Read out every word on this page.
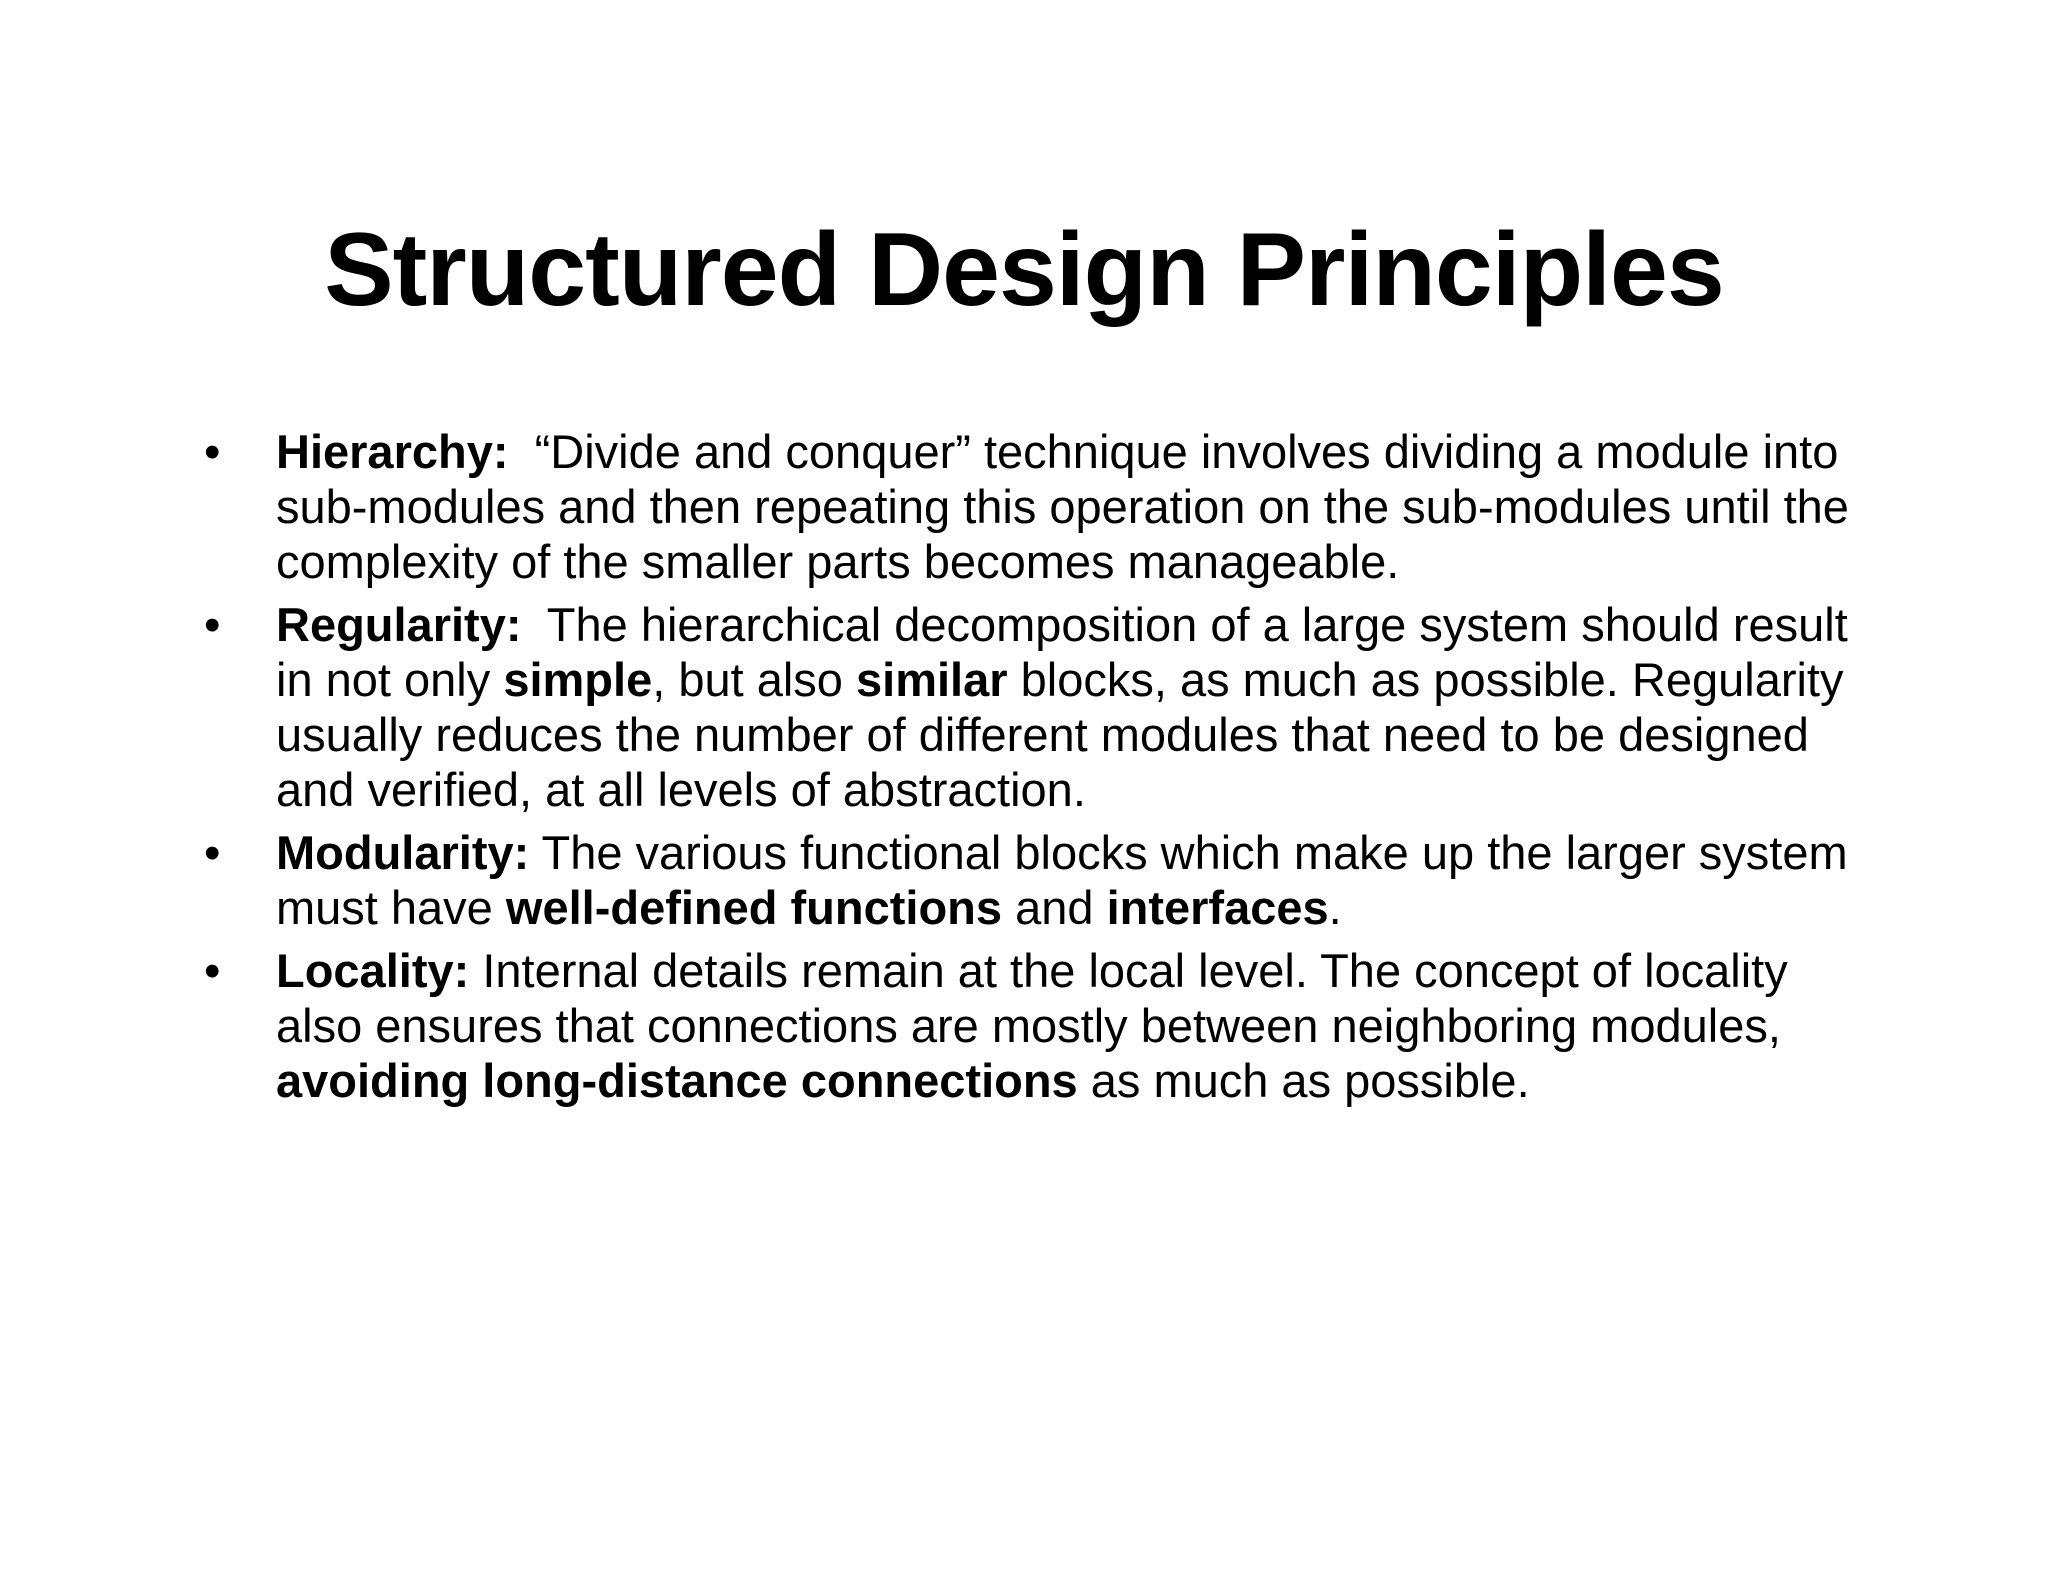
Structured Design Principles
• Hierarchy: “Divide and conquer” technique involves dividing a module into sub-modules and then repeating this operation on the sub-modules until the complexity of the smaller parts becomes manageable.
• Regularity: The hierarchical decomposition of a large system should result in not only simple, but also similar blocks, as much as possible. Regularity usually reduces the number of different modules that need to be designed and verified, at all levels of abstraction.
• Modularity: The various functional blocks which make up the larger system must have well-defined functions and interfaces.
• Locality: Internal details remain at the local level. The concept of locality also ensures that connections are mostly between neighboring modules, avoiding long-distance connections as much as possible.
